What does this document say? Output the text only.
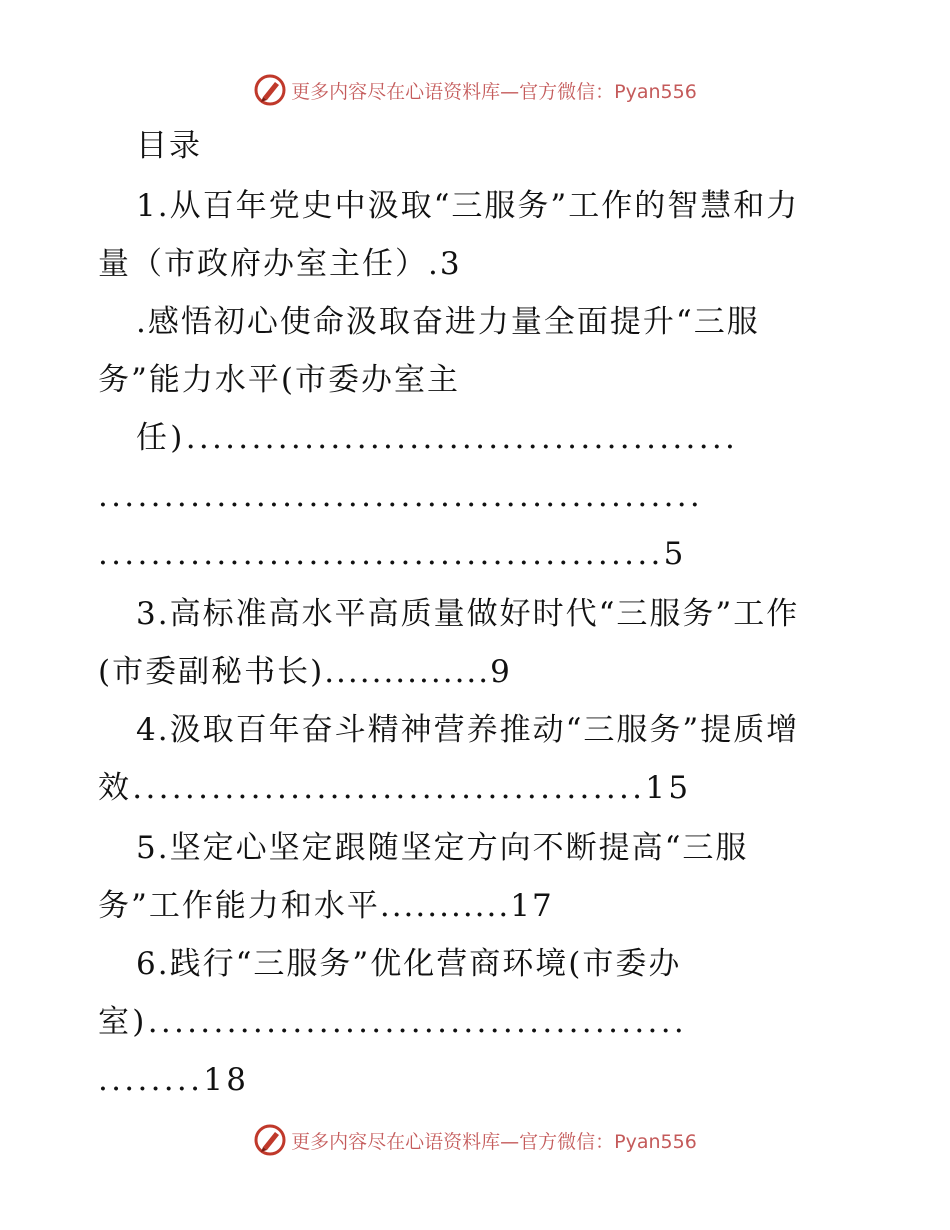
更多内容尽在心语资料库—官方微信：Pyan556
目录
1.从百年党史中汲取“三服务”工作的智慧和力
量（市政府办室主任）.3
.感悟初心使命汲取奋进力量全面提升“三服
务”能力水平(市委办室主
任)..........................................
..............................................
...........................................5
3.高标准高水平高质量做好时代“三服务”工作
(市委副秘书长)..............9
4.汲取百年奋斗精神营养推动“三服务”提质增
效.......................................15
5.坚定心坚定跟随坚定方向不断提高“三服
务”工作能力和水平...........17
6.践行“三服务”优化营商环境(市委办
室).........................................
........18
更多内容尽在心语资料库—官方微信：Pyan556
